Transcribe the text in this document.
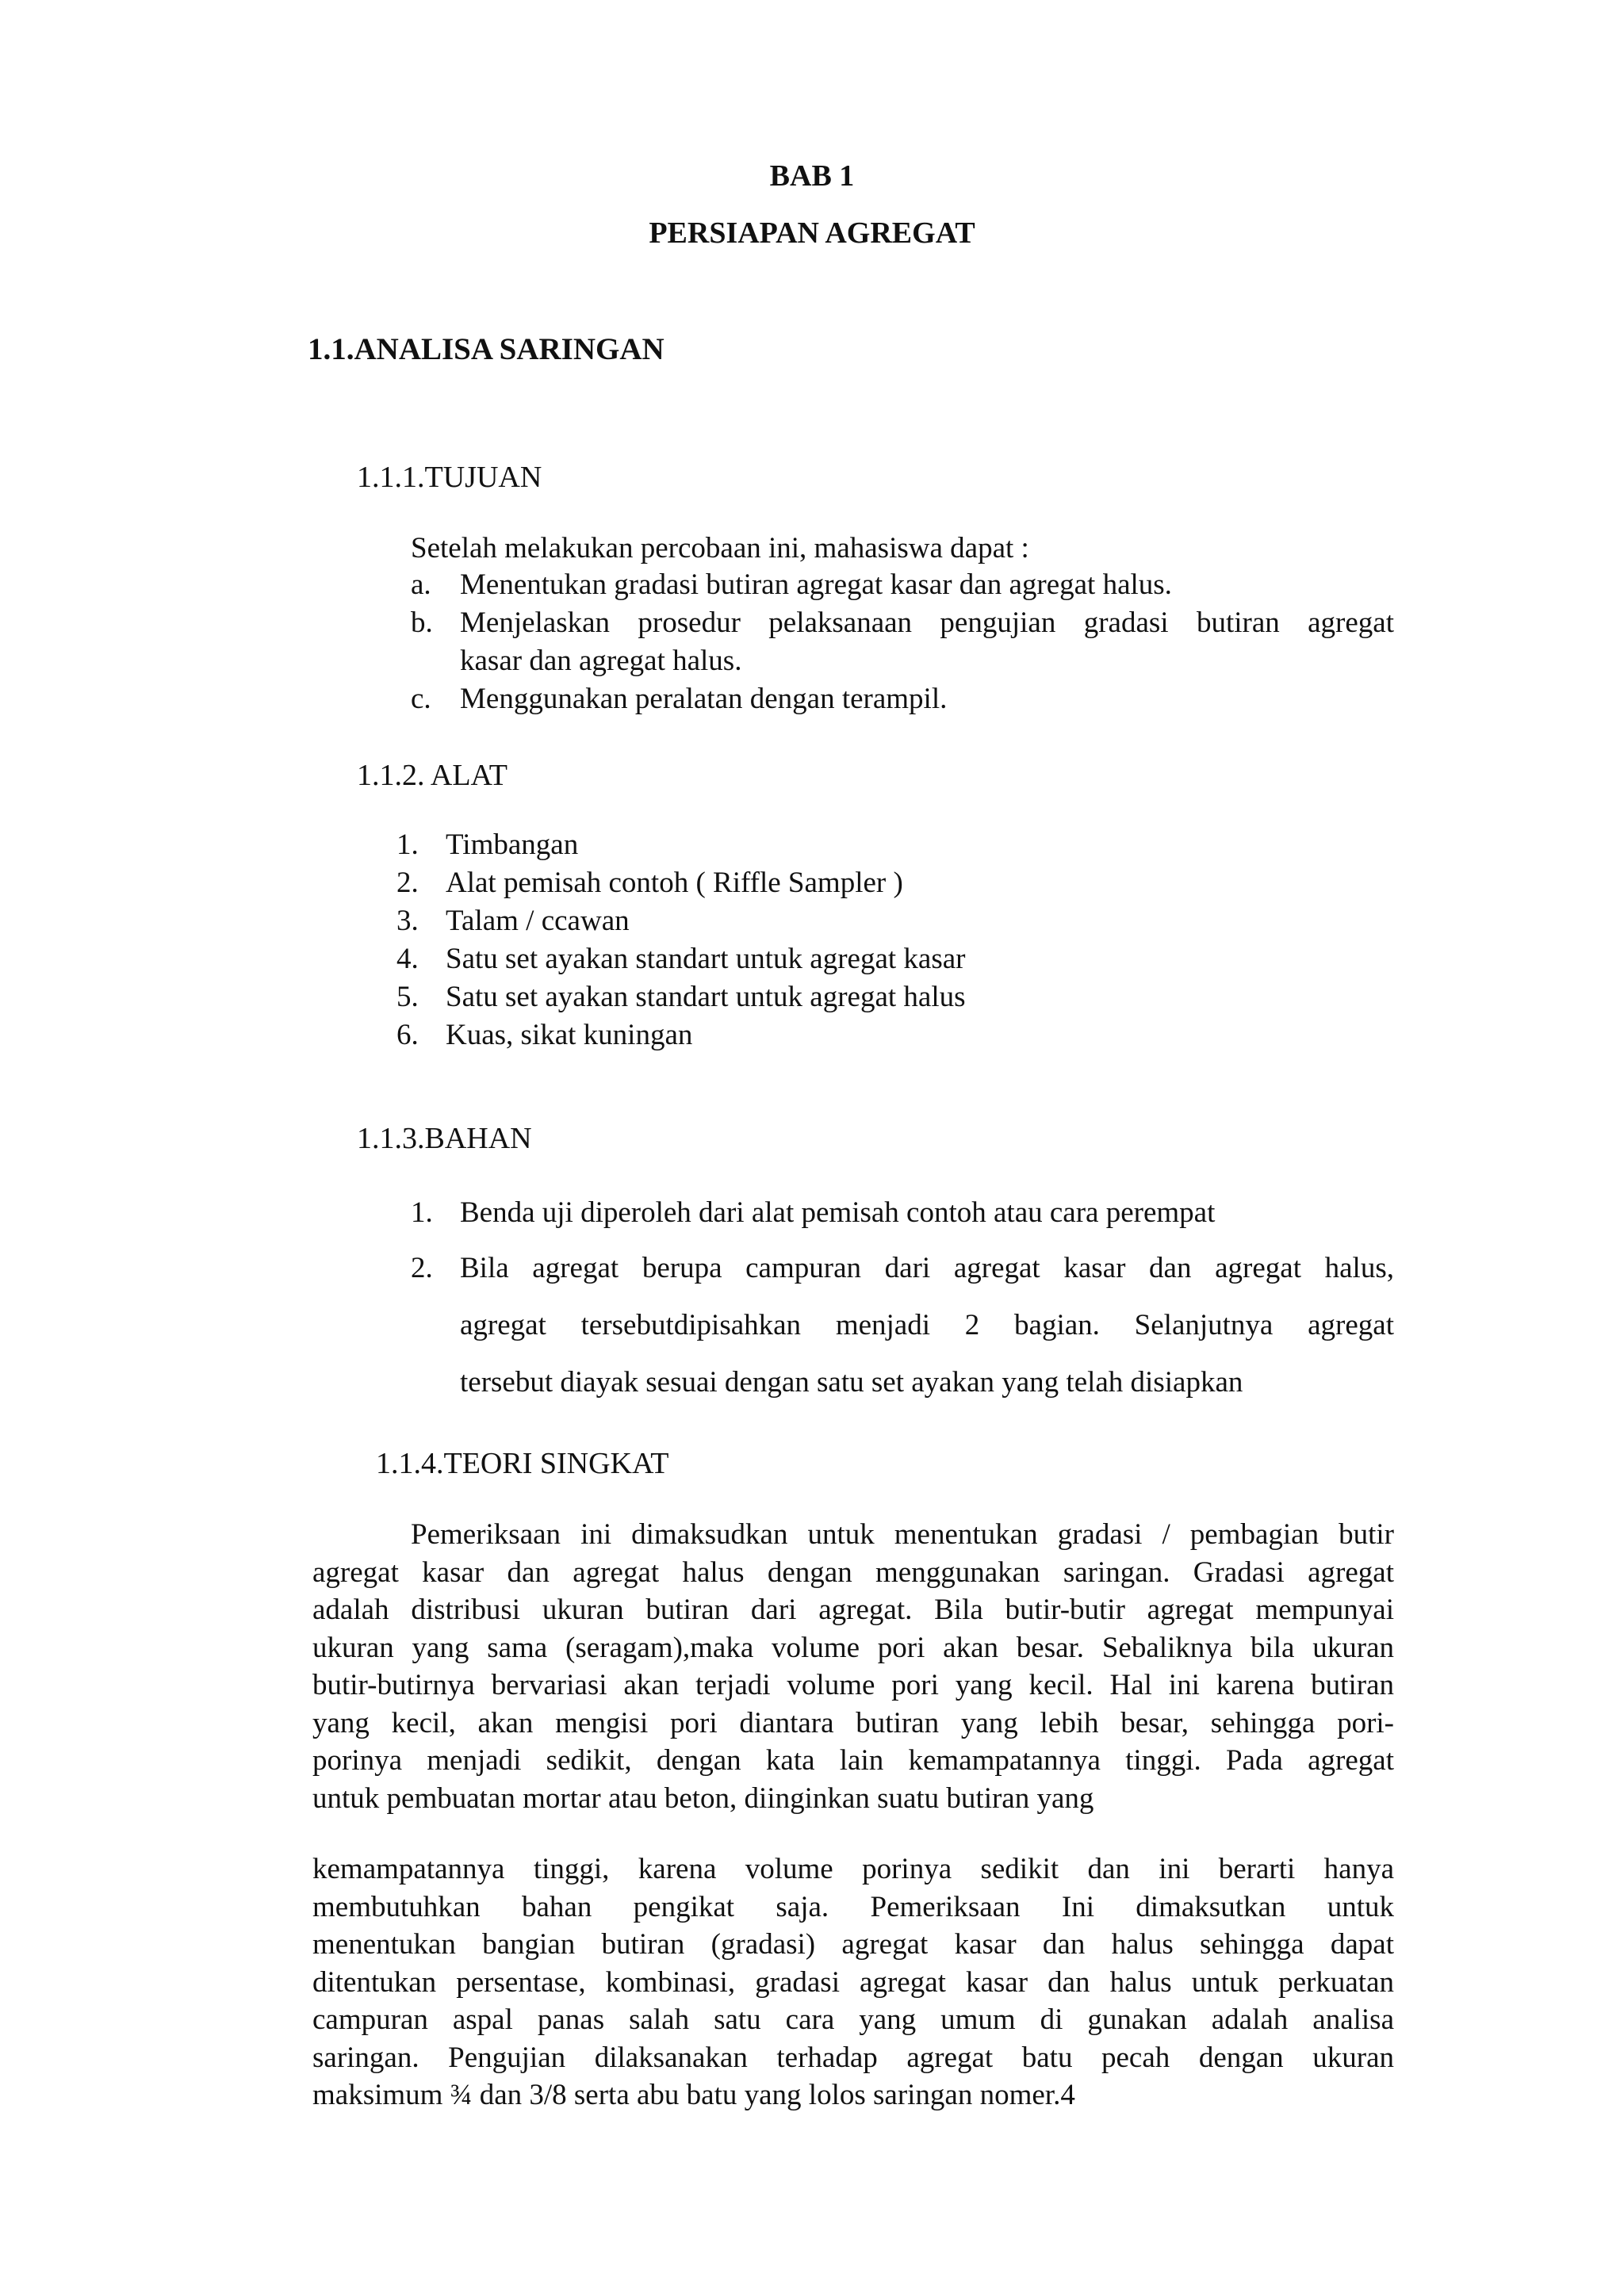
BAB 1
PERSIAPAN AGREGAT
1.1.ANALISA SARINGAN
1.1.1.TUJUAN
Setelah melakukan percobaan ini, mahasiswa dapat :
a. Menentukan gradasi butiran agregat kasar dan agregat halus.
b. Menjelaskan prosedur pelaksanaan pengujian gradasi butiran agregat
kasar dan agregat halus.
c. Menggunakan peralatan dengan terampil.
1.1.2. ALAT
1. Timbangan
2. Alat pemisah contoh ( Riffle Sampler )
3. Talam / ccawan
4. Satu set ayakan standart untuk agregat kasar
5. Satu set ayakan standart untuk agregat halus
6. Kuas, sikat kuningan
1.1.3.BAHAN
1. Benda uji diperoleh dari alat pemisah contoh atau cara perempat
2. Bila agregat berupa campuran dari agregat kasar dan agregat halus,
agregat tersebutdipisahkan menjadi 2 bagian. Selanjutnya agregat
tersebut diayak sesuai dengan satu set ayakan yang telah disiapkan
1.1.4.TEORI SINGKAT
Pemeriksaan ini dimaksudkan untuk menentukan gradasi / pembagian butir
agregat kasar dan agregat halus dengan menggunakan saringan. Gradasi agregat
adalah distribusi ukuran butiran dari agregat. Bila butir-butir agregat mempunyai
ukuran yang sama (seragam),maka volume pori akan besar. Sebaliknya bila ukuran
butir-butirnya bervariasi akan terjadi volume pori yang kecil. Hal ini karena butiran
yang kecil, akan mengisi pori diantara butiran yang lebih besar, sehingga pori-
porinya menjadi sedikit, dengan kata lain kemampatannya tinggi. Pada agregat
untuk pembuatan mortar atau beton, diinginkan suatu butiran yang
kemampatannya tinggi, karena volume porinya sedikit dan ini berarti hanya
membutuhkan bahan pengikat saja. Pemeriksaan Ini dimaksutkan untuk
menentukan bangian butiran (gradasi) agregat kasar dan halus sehingga dapat
ditentukan persentase, kombinasi, gradasi agregat kasar dan halus untuk perkuatan
campuran aspal panas salah satu cara yang umum di gunakan adalah analisa
saringan. Pengujian dilaksanakan terhadap agregat batu pecah dengan ukuran
maksimum ¾ dan 3/8 serta abu batu yang lolos saringan nomer.4
